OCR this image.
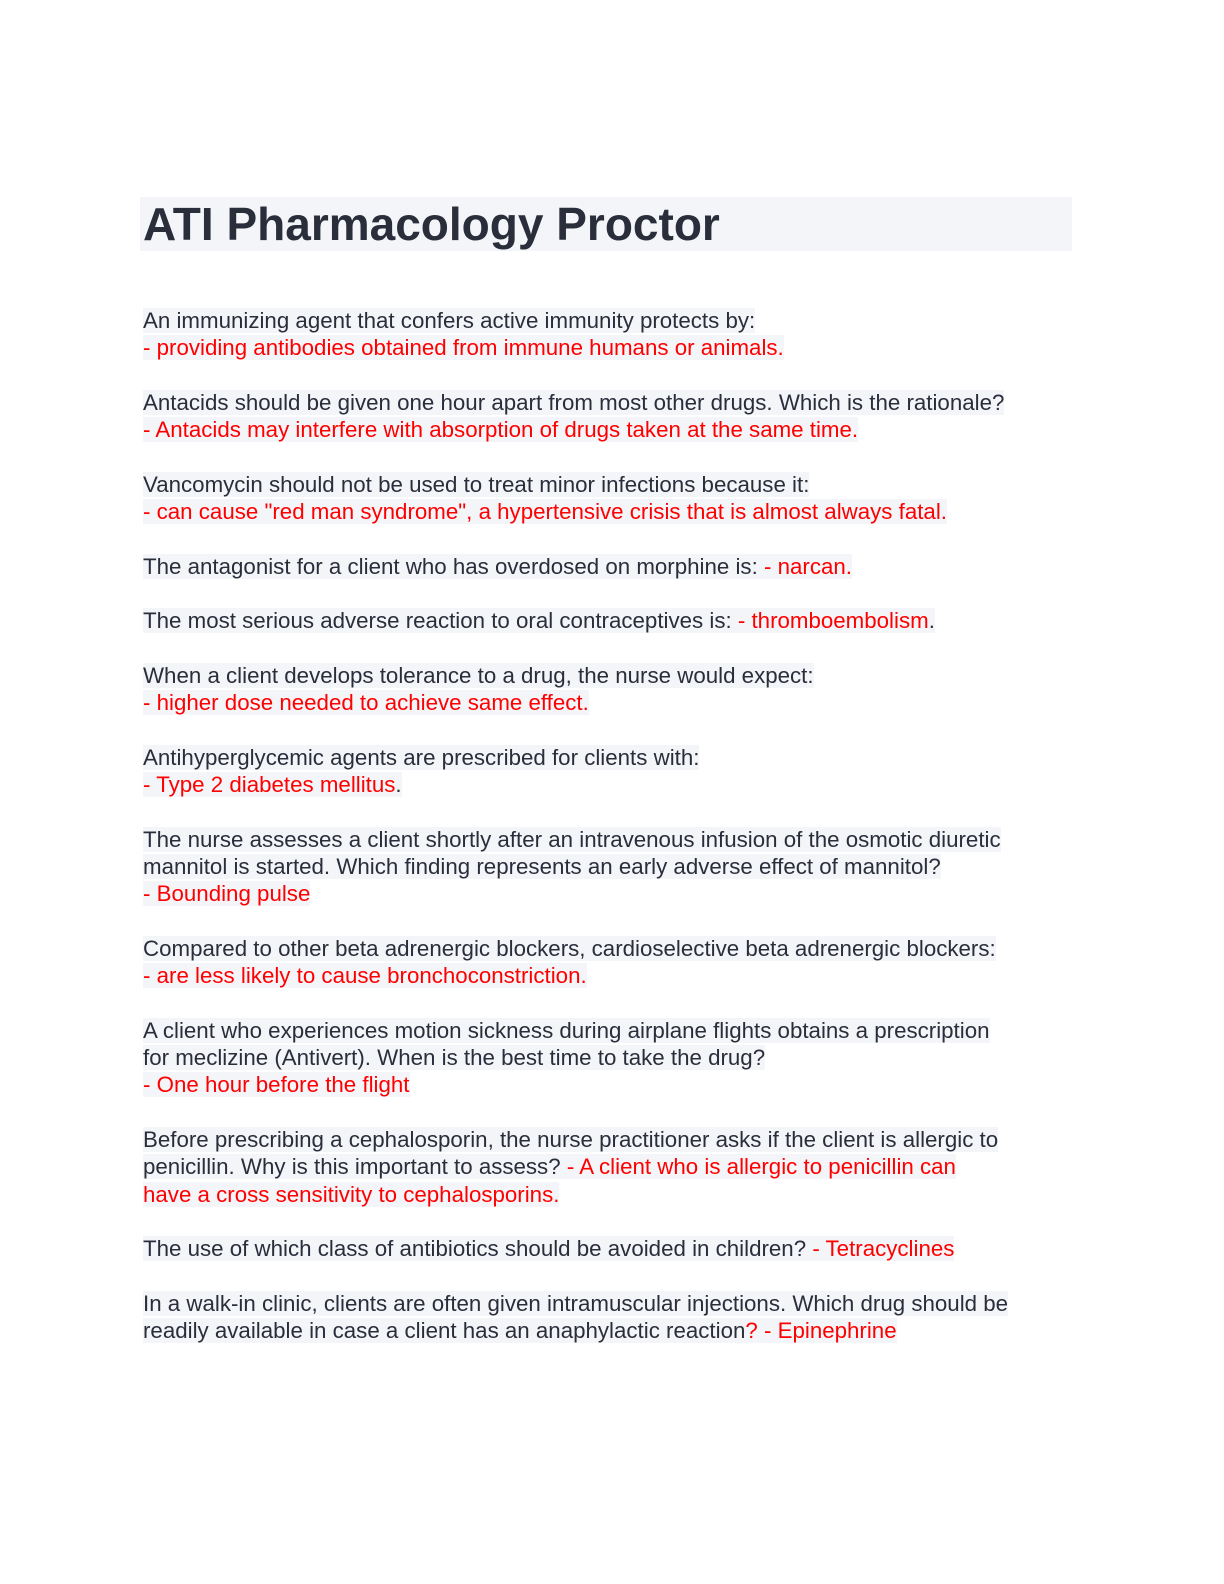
ATI Pharmacology Proctor
An immunizing agent that confers active immunity protects by:
- providing antibodies obtained from immune humans or animals.
Antacids should be given one hour apart from most other drugs. Which is the rationale?
- Antacids may interfere with absorption of drugs taken at the same time.
Vancomycin should not be used to treat minor infections because it:
- can cause "red man syndrome", a hypertensive crisis that is almost always fatal.
The antagonist for a client who has overdosed on morphine is: - narcan.
The most serious adverse reaction to oral contraceptives is: - thromboembolism.
When a client develops tolerance to a drug, the nurse would expect:
- higher dose needed to achieve same effect.
Antihyperglycemic agents are prescribed for clients with:
- Type 2 diabetes mellitus.
The nurse assesses a client shortly after an intravenous infusion of the osmotic diuretic
mannitol is started. Which finding represents an early adverse effect of mannitol?
- Bounding pulse
Compared to other beta adrenergic blockers, cardioselective beta adrenergic blockers:
- are less likely to cause bronchoconstriction.
A client who experiences motion sickness during airplane flights obtains a prescription
for meclizine (Antivert). When is the best time to take the drug?
- One hour before the flight
Before prescribing a cephalosporin, the nurse practitioner asks if the client is allergic to
penicillin. Why is this important to assess? - A client who is allergic to penicillin can
have a cross sensitivity to cephalosporins.
The use of which class of antibiotics should be avoided in children? - Tetracyclines
In a walk-in clinic, clients are often given intramuscular injections. Which drug should be
readily available in case a client has an anaphylactic reaction? - Epinephrine
